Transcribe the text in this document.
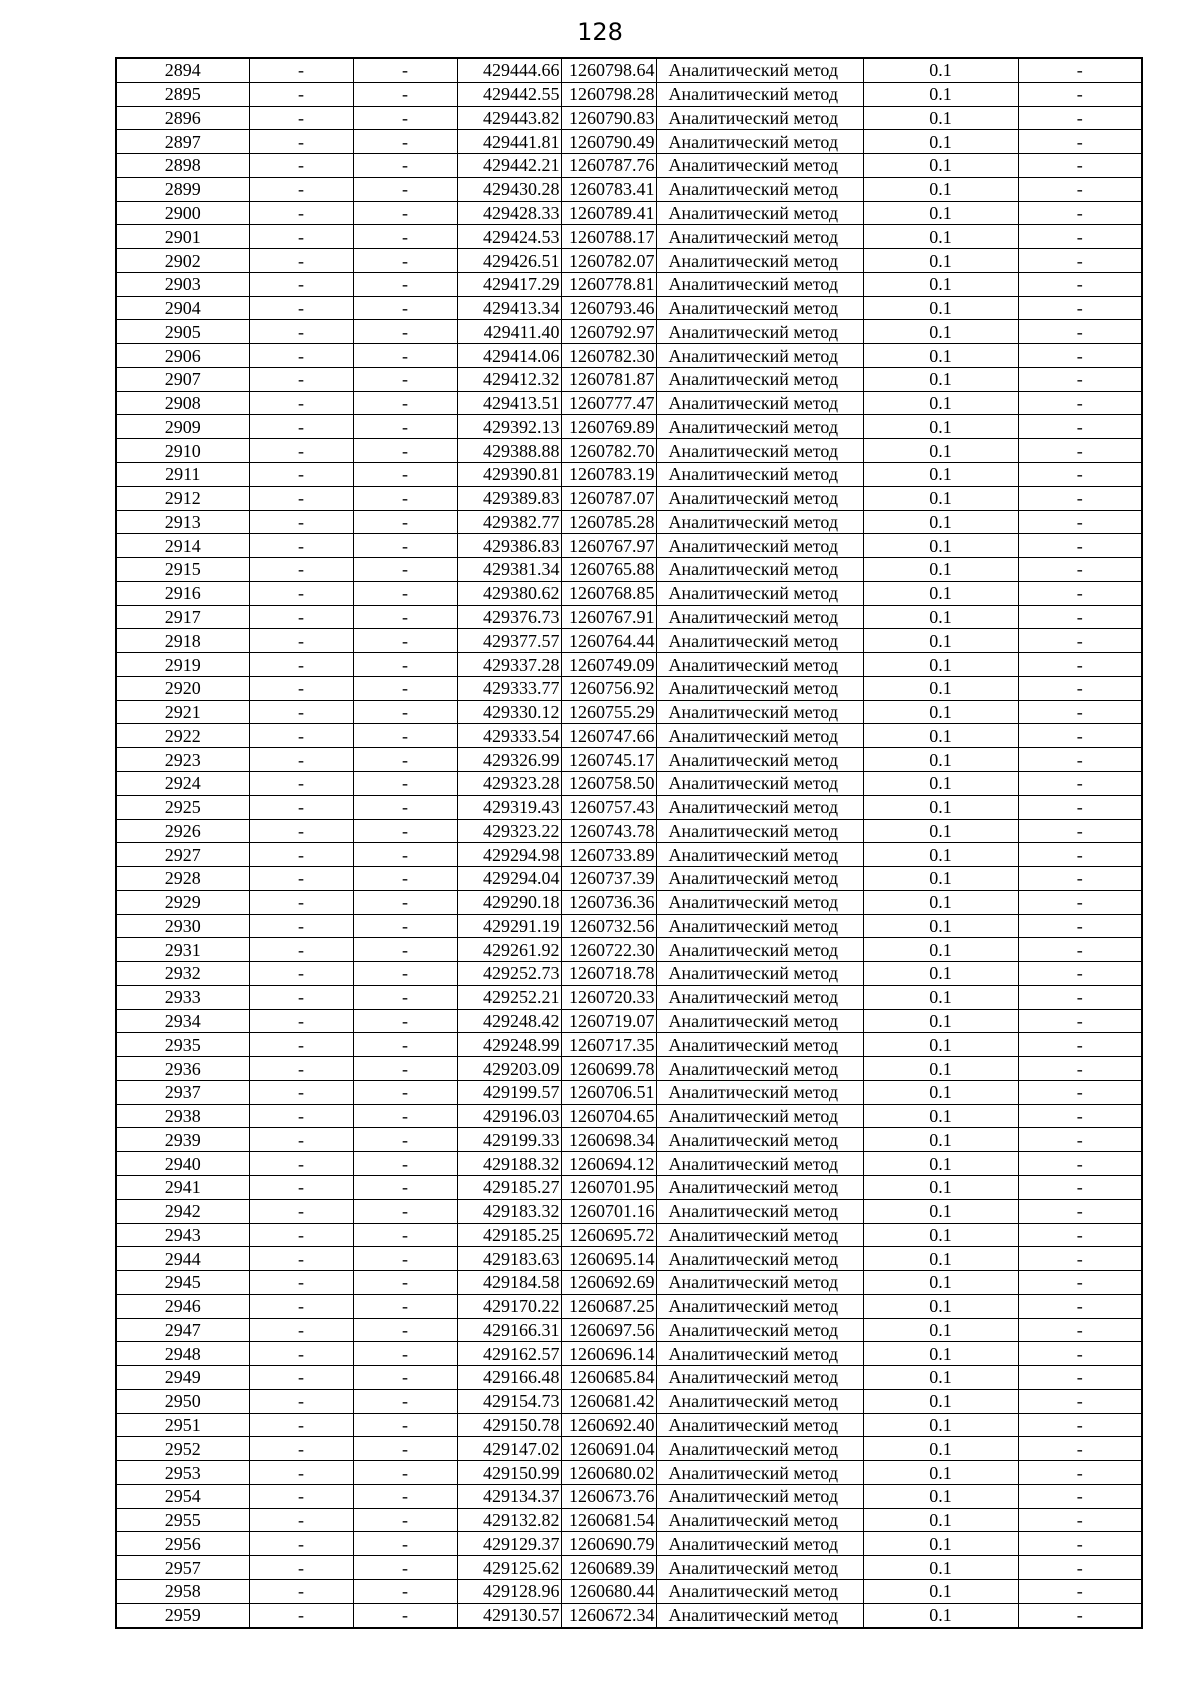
128
2894	-	-	429444.66	1260798.64	Аналитический метод	0.1	-
2895	-	-	429442.55	1260798.28	Аналитический метод	0.1	-
2896	-	-	429443.82	1260790.83	Аналитический метод	0.1	-
2897	-	-	429441.81	1260790.49	Аналитический метод	0.1	-
2898	-	-	429442.21	1260787.76	Аналитический метод	0.1	-
2899	-	-	429430.28	1260783.41	Аналитический метод	0.1	-
2900	-	-	429428.33	1260789.41	Аналитический метод	0.1	-
2901	-	-	429424.53	1260788.17	Аналитический метод	0.1	-
2902	-	-	429426.51	1260782.07	Аналитический метод	0.1	-
2903	-	-	429417.29	1260778.81	Аналитический метод	0.1	-
2904	-	-	429413.34	1260793.46	Аналитический метод	0.1	-
2905	-	-	429411.40	1260792.97	Аналитический метод	0.1	-
2906	-	-	429414.06	1260782.30	Аналитический метод	0.1	-
2907	-	-	429412.32	1260781.87	Аналитический метод	0.1	-
2908	-	-	429413.51	1260777.47	Аналитический метод	0.1	-
2909	-	-	429392.13	1260769.89	Аналитический метод	0.1	-
2910	-	-	429388.88	1260782.70	Аналитический метод	0.1	-
2911	-	-	429390.81	1260783.19	Аналитический метод	0.1	-
2912	-	-	429389.83	1260787.07	Аналитический метод	0.1	-
2913	-	-	429382.77	1260785.28	Аналитический метод	0.1	-
2914	-	-	429386.83	1260767.97	Аналитический метод	0.1	-
2915	-	-	429381.34	1260765.88	Аналитический метод	0.1	-
2916	-	-	429380.62	1260768.85	Аналитический метод	0.1	-
2917	-	-	429376.73	1260767.91	Аналитический метод	0.1	-
2918	-	-	429377.57	1260764.44	Аналитический метод	0.1	-
2919	-	-	429337.28	1260749.09	Аналитический метод	0.1	-
2920	-	-	429333.77	1260756.92	Аналитический метод	0.1	-
2921	-	-	429330.12	1260755.29	Аналитический метод	0.1	-
2922	-	-	429333.54	1260747.66	Аналитический метод	0.1	-
2923	-	-	429326.99	1260745.17	Аналитический метод	0.1	-
2924	-	-	429323.28	1260758.50	Аналитический метод	0.1	-
2925	-	-	429319.43	1260757.43	Аналитический метод	0.1	-
2926	-	-	429323.22	1260743.78	Аналитический метод	0.1	-
2927	-	-	429294.98	1260733.89	Аналитический метод	0.1	-
2928	-	-	429294.04	1260737.39	Аналитический метод	0.1	-
2929	-	-	429290.18	1260736.36	Аналитический метод	0.1	-
2930	-	-	429291.19	1260732.56	Аналитический метод	0.1	-
2931	-	-	429261.92	1260722.30	Аналитический метод	0.1	-
2932	-	-	429252.73	1260718.78	Аналитический метод	0.1	-
2933	-	-	429252.21	1260720.33	Аналитический метод	0.1	-
2934	-	-	429248.42	1260719.07	Аналитический метод	0.1	-
2935	-	-	429248.99	1260717.35	Аналитический метод	0.1	-
2936	-	-	429203.09	1260699.78	Аналитический метод	0.1	-
2937	-	-	429199.57	1260706.51	Аналитический метод	0.1	-
2938	-	-	429196.03	1260704.65	Аналитический метод	0.1	-
2939	-	-	429199.33	1260698.34	Аналитический метод	0.1	-
2940	-	-	429188.32	1260694.12	Аналитический метод	0.1	-
2941	-	-	429185.27	1260701.95	Аналитический метод	0.1	-
2942	-	-	429183.32	1260701.16	Аналитический метод	0.1	-
2943	-	-	429185.25	1260695.72	Аналитический метод	0.1	-
2944	-	-	429183.63	1260695.14	Аналитический метод	0.1	-
2945	-	-	429184.58	1260692.69	Аналитический метод	0.1	-
2946	-	-	429170.22	1260687.25	Аналитический метод	0.1	-
2947	-	-	429166.31	1260697.56	Аналитический метод	0.1	-
2948	-	-	429162.57	1260696.14	Аналитический метод	0.1	-
2949	-	-	429166.48	1260685.84	Аналитический метод	0.1	-
2950	-	-	429154.73	1260681.42	Аналитический метод	0.1	-
2951	-	-	429150.78	1260692.40	Аналитический метод	0.1	-
2952	-	-	429147.02	1260691.04	Аналитический метод	0.1	-
2953	-	-	429150.99	1260680.02	Аналитический метод	0.1	-
2954	-	-	429134.37	1260673.76	Аналитический метод	0.1	-
2955	-	-	429132.82	1260681.54	Аналитический метод	0.1	-
2956	-	-	429129.37	1260690.79	Аналитический метод	0.1	-
2957	-	-	429125.62	1260689.39	Аналитический метод	0.1	-
2958	-	-	429128.96	1260680.44	Аналитический метод	0.1	-
2959	-	-	429130.57	1260672.34	Аналитический метод	0.1	-
